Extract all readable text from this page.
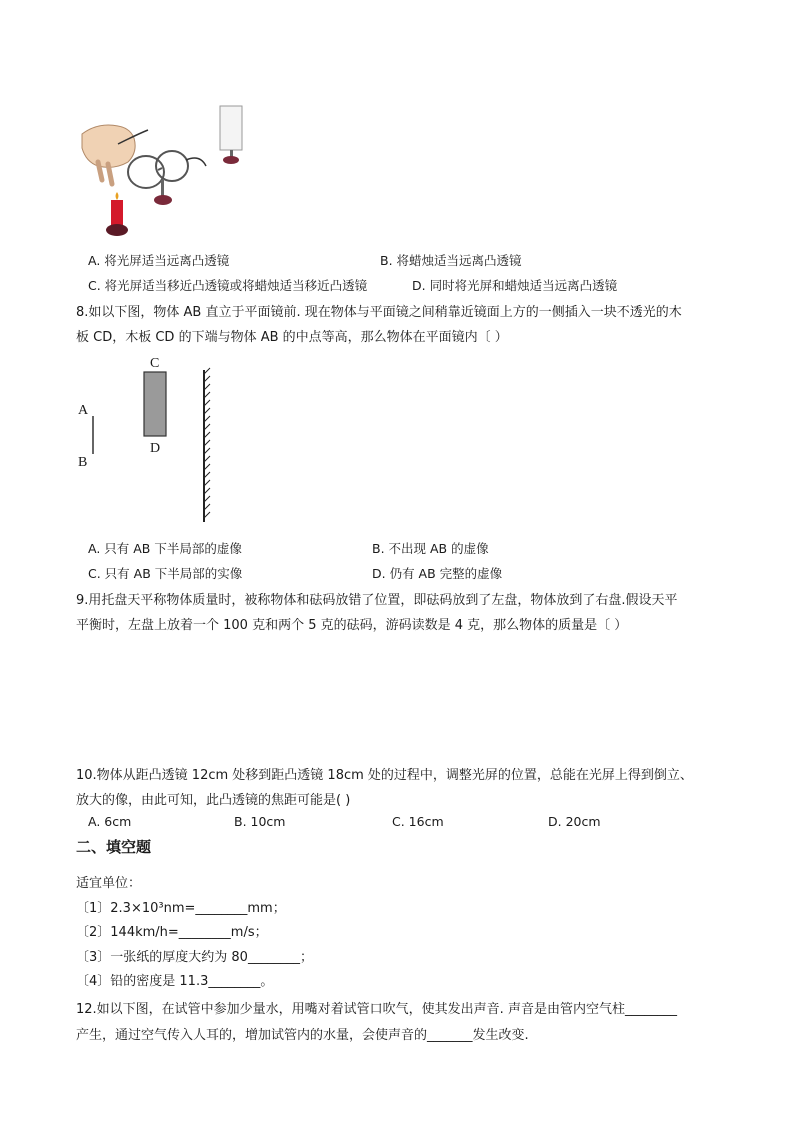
A. 将光屏适当远离凸透镜	B. 将蜡烛适当远离凸透镜
C. 将光屏适当移近凸透镜或将蜡烛适当移近凸透镜	D. 同时将光屏和蜡烛适当远离凸透镜
8.如以下图，物体 AB 直立于平面镜前. 现在物体与平面镜之间稍靠近镜面上方的一侧插入一块不透光的木
板 CD，木板 CD 的下端与物体 AB 的中点等高，那么物体在平面镜内〔 ）
C
D
A
B
A. 只有 AB 下半局部的虚像	B. 不出现 AB 的虚像
C. 只有 AB 下半局部的实像	D. 仍有 AB 完整的虚像
9.用托盘天平称物体质量时，被称物体和砝码放错了位置，即砝码放到了左盘，物体放到了右盘.假设天平
平衡时，左盘上放着一个 100 克和两个 5 克的砝码，游码读数是 4 克，那么物体的质量是〔 ）
10.物体从距凸透镜 12cm 处移到距凸透镜 18cm 处的过程中，调整光屏的位置，总能在光屏上得到倒立、
放大的像，由此可知，此凸透镜的焦距可能是( )
A. 6cm	B. 10cm	C. 16cm	D. 20cm
二、填空题
适宜单位：
〔1〕2.3×10³nm=________mm；
〔2〕144km/h=________m/s；
〔3〕一张纸的厚度大约为 80________；
〔4〕铅的密度是 11.3________。
12.如以下图，在试管中参加少量水，用嘴对着试管口吹气，使其发出声音. 声音是由管内空气柱________
产生，通过空气传入人耳的，增加试管内的水量，会使声音的_______发生改变.
